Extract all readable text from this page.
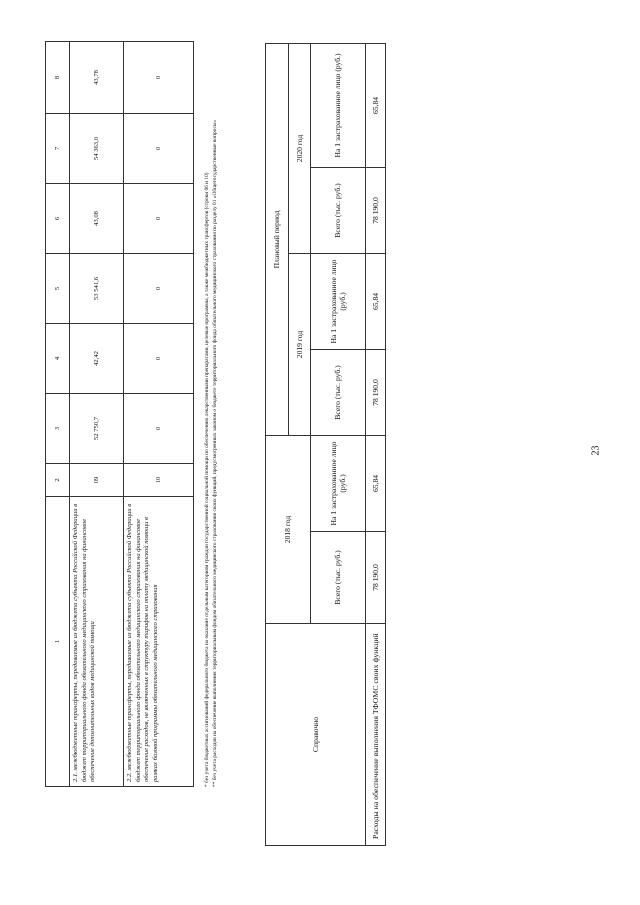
1	2	3	4	5	6	7	8
2.1. межбюджетные трансферты, передаваемые из бюджета субъекта Российской Федерации в бюджет территориального фонда обязательного медицинского страхования на финансовое обеспечение дополнительных видов медицинской помощи	09	52 750,7	42,42	53 541,6	43,08	54 363,0	43,78
2.2. межбюджетные трансферты, передаваемые из бюджета субъекта Российской Федерации в бюджет территориального фонда обязательного медицинского страхования на финансовое обеспечение расходов, не включенных в структуру тарифов на оплату медицинской помощи в рамках базовой программы обязательного медицинского страхования	10	0	0	0	0	0	0
* без учета бюджетных ассигнований федерального бюджета на оказание отдельным категориям граждан государственной социальной помощи по обеспечению лекарственными препаратами, целевые программы, а также межбюджетных трансфертов (строки 06 и 10) ** без учета расходов на обеспечение выполнения территориальным фондом обязательного медицинского страхования своих функций, предусмотренных законом о бюджете территориального фонда обязательного медицинского страхования по разделу 01 «Общегосударственные вопросы»	Справочно	2018 год		Плановый период			
			2019 год		2020 год	
	Всего (тыс. руб.)	На 1 застрахованное лицо (руб.)	Всего (тыс. руб.)	На 1 застрахованное лицо (руб.)	Всего (тыс. руб.)	На 1 застрахованное лицо (руб.)
Расходы на обеспечение выполнения ТФОМС своих функций	78 190,0	65,84	78 190,0	65,84	78 190,0	65,84
23
